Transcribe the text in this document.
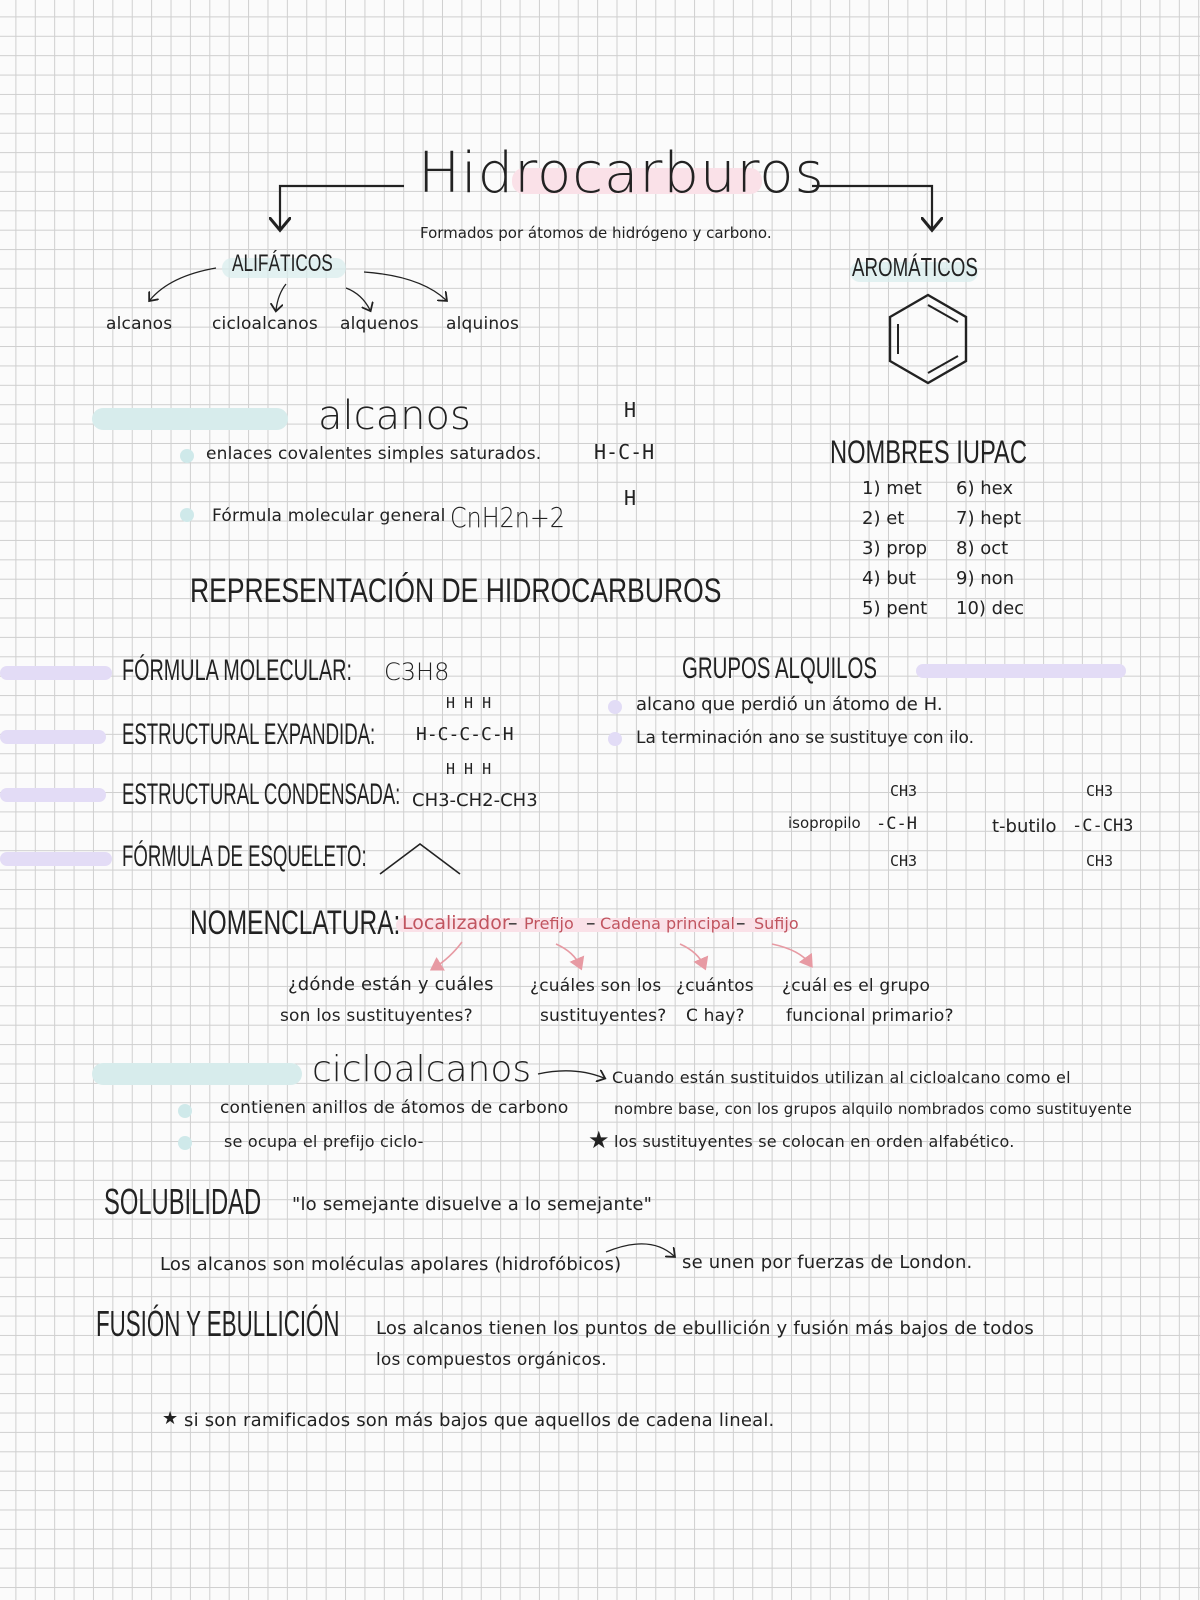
Hidrocarburos
Formados por átomos de hidrógeno y carbono.
ALIFÁTICOS
alcanos cicloalcanos alquenos alquinos
AROMÁTICOS
alcanos
enlaces covalentes simples saturados.
Fórmula molecular general CnH2n+2
H
H-C-H
H
NOMBRES IUPAC
1) met
2) et
3) prop
4) but
5) pent
6) hex
7) hept
8) oct
9) non
10) dec
REPRESENTACIÓN DE HIDROCARBUROS
FÓRMULA MOLECULAR: C3H8
ESTRUCTURAL EXPANDIDA:
H H H
H-C-C-C-H
H H H
ESTRUCTURAL CONDENSADA: CH3-CH2-CH3
FÓRMULA DE ESQUELETO:
GRUPOS ALQUILOS
alcano que perdió un átomo de H.
La terminación ano se sustituye con ilo.
isopropilo
CH3
-C-H
CH3
t-butilo
CH3
-C-CH3
CH3
NOMENCLATURA: Localizador
– Prefijo – Cadena principal – Sufijo
¿dónde están y cuáles
son los sustituyentes?
¿cuáles son los
sustituyentes?
¿cuántos
C hay?
¿cuál es el grupo
funcional primario?
cicloalcanos
contienen anillos de átomos de carbono
se ocupa el prefijo ciclo-
Cuando están sustituidos utilizan al cicloalcano como el
nombre base, con los grupos alquilo nombrados como sustituyente
★ los sustituyentes se colocan en orden alfabético.
SOLUBILIDAD "lo semejante disuelve a lo semejante"
Los alcanos son moléculas apolares (hidrofóbicos)	se unen por fuerzas de London.
FUSIÓN Y EBULLICIÓN Los alcanos tienen los puntos de ebullición y fusión más bajos de todos
los compuestos orgánicos.
★ si son ramificados son más bajos que aquellos de cadena lineal.
